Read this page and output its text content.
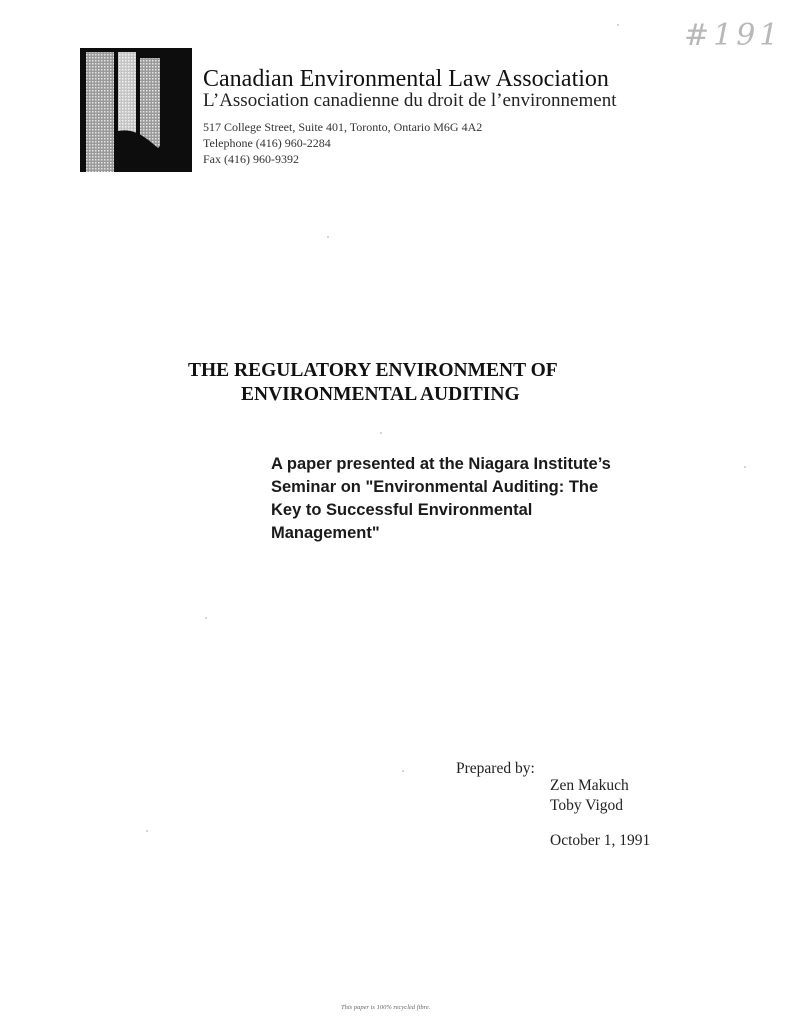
#191
Canadian Environmental Law Association
L’Association canadienne du droit de l’environnement
517 College Street, Suite 401, Toronto, Ontario M6G 4A2
Telephone (416) 960-2284
Fax (416) 960-9392
THE REGULATORY ENVIRONMENT OF
ENVIRONMENTAL AUDITING
A paper presented at the Niagara Institute’s Seminar on "Environmental Auditing: The Key to Successful Environmental Management"
Prepared by:
Zen Makuch
Toby Vigod
October 1, 1991
This paper is 100% recycled fibre.
